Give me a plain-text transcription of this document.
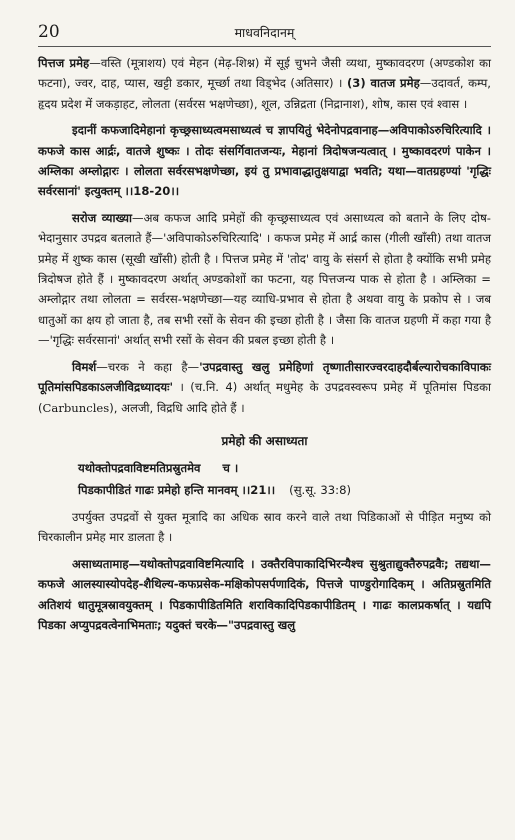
20	माधवनिदानम्

पित्तज प्रमेह—वस्ति (मूत्राशय) एवं मेहन (मेढ़-शिश्न) में सूई चुभने जैसी व्यथा, मुष्कावदरण (अण्डकोश का फटना), ज्वर, दाह, प्यास, खट्टी डकार, मूर्च्छा तथा विड्भेद (अतिसार) । (3) वातज प्रमेह—उदावर्त, कम्प, हृदय प्रदेश में जकड़ाहट, लोलता (सर्वरस भक्षणेच्छा), शूल, उन्निद्रता (निद्रानाश), शोष, कास एवं श्वास ।

इदानीं कफजादिमेहानां कृच्छ्रसाध्यत्वमसाध्यत्वं च ज्ञापयितुं भेदेनोपद्रवानाह—अविपाकोऽरुचिरित्यादि । कफजे कास आर्द्रः, वातजे शुष्कः । तोदः संसर्गिवातजन्यः, मेहानां त्रिदोषजन्यत्वात् । मुष्कावदरणं पाकेन । अम्लिका अम्लोद्गारः । लोलता सर्वरसभक्षणेच्छा, इयं तु प्रभावाद्धातुक्षयाद्वा भवति; यथा—वातग्रहण्यां 'गृद्धिः सर्वरसानां' इत्युक्तम् ।।18-20।।

सरोज व्याख्या—अब कफज आदि प्रमेहों की कृच्छ्रसाध्यत्व एवं असाध्यत्व को बताने के लिए दोष-भेदानुसार उपद्रव बतलाते हैं—'अविपाकोऽरुचिरित्यादि' । कफज प्रमेह में आर्द्र कास (गीली खाँसी) तथा वातज प्रमेह में शुष्क कास (सूखी खाँसी) होती है । पित्तज प्रमेह में 'तोद' वायु के संसर्ग से होता है क्योंकि सभी प्रमेह त्रिदोषज होते हैं । मुष्कावदरण अर्थात् अण्डकोशों का फटना, यह पित्तजन्य पाक से होता है । अम्लिका = अम्लोद्गार तथा लोलता = सर्वरस-भक्षणेच्छा—यह व्याधि-प्रभाव से होता है अथवा वायु के प्रकोप से । जब धातुओं का क्षय हो जाता है, तब सभी रसों के सेवन की इच्छा होती है । जैसा कि वातज ग्रहणी में कहा गया है—'गृद्धिः सर्वरसानां' अर्थात् सभी रसों के सेवन की प्रबल इच्छा होती है ।

विमर्श—चरक ने कहा है—'उपद्रवास्तु खलु प्रमेहिणां तृष्णातीसारज्वरदाहदौर्बल्यारोचकाविपाकः पूतिमांसपिडकाऽलजीविद्रध्यादयः' । (च.नि. 4) अर्थात् मधुमेह के उपद्रवस्वरूप प्रमेह में पूतिमांस पिडका (Carbuncles), अलजी, विद्रधि आदि होते हैं ।

प्रमेहो की असाध्यता
यथोक्तोपद्रवाविष्टमतिप्रस्रुतमेव च ।
पिडकापीडितं गाढः प्रमेहो हन्ति मानवम् ।।21।। (सु.सू. 33:8)

उपर्युक्त उपद्रवों से युक्त मूत्रादि का अधिक स्राव करने वाले तथा पिडिकाओं से पीड़ित मनुष्य को चिरकालीन प्रमेह मार डालता है ।

असाध्यतामाह—यथोक्तोपद्रवाविष्टमित्यादि । उक्तैरविपाकादिभिरन्यैश्च सुश्रुताद्युक्तैरुपद्रवैः; तद्यथा—कफजे आलस्यास्योपदेह-शैथिल्य-कफप्रसेक-मक्षिकोपसर्पणादिकं, पित्तजे पाण्डुरोगादिकम् । अतिप्रस्रुतमिति अतिशयं धातुमूत्रस्रावयुक्तम् । पिडकापीडितमिति शराविकादिपिडकापीडितम् । गाढः कालप्रकर्षात् । यद्यपि पिडका अप्युपद्रवत्वेनाभिमताः; यदुक्तं चरके—"उपद्रवास्तु खलु
